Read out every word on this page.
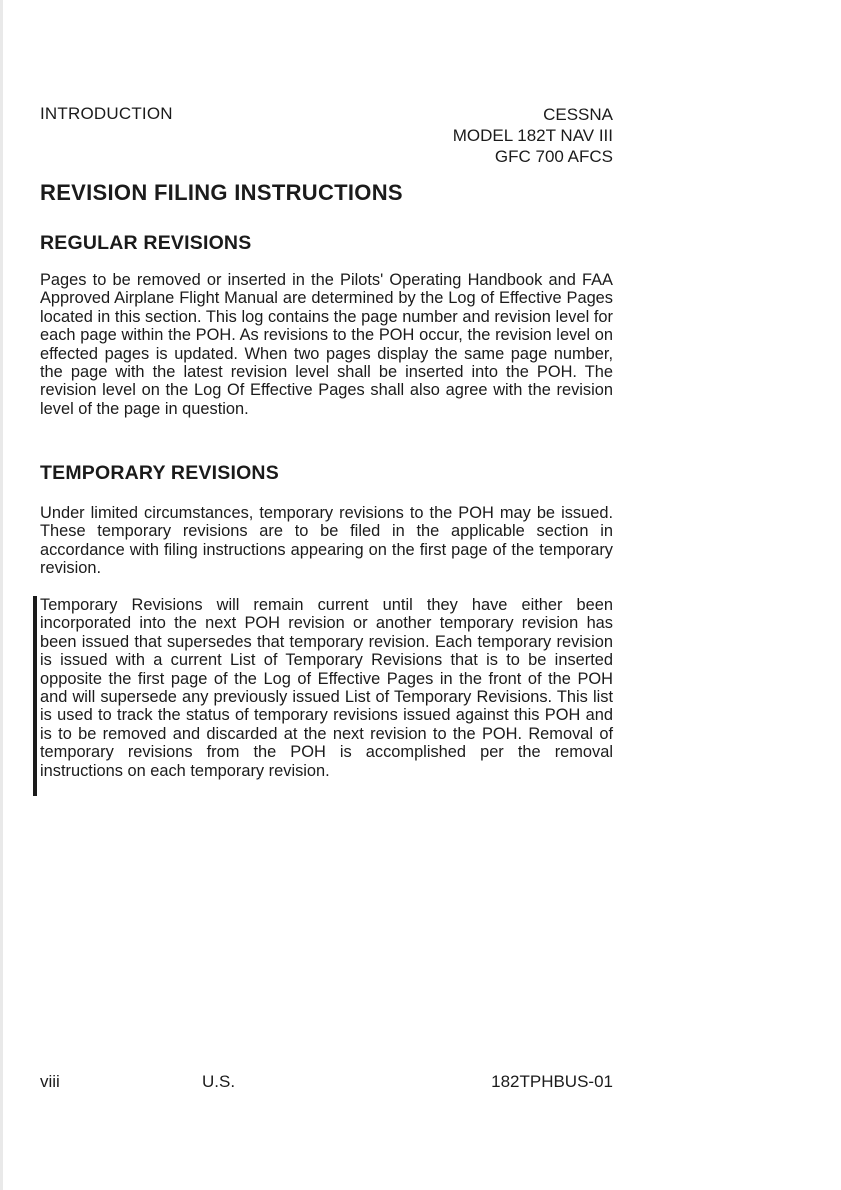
INTRODUCTION	CESSNA
MODEL 182T NAV III
GFC 700 AFCS
REVISION FILING INSTRUCTIONS
REGULAR REVISIONS

Pages to be removed or inserted in the Pilots' Operating Handbook and FAA Approved Airplane Flight Manual are determined by the Log of Effective Pages located in this section. This log contains the page number and revision level for each page within the POH. As revisions to the POH occur, the revision level on effected pages is updated. When two pages display the same page number, the page with the latest revision level shall be inserted into the POH. The revision level on the Log Of Effective Pages shall also agree with the revision level of the page in question.

TEMPORARY REVISIONS

Under limited circumstances, temporary revisions to the POH may be issued. These temporary revisions are to be filed in the applicable section in accordance with filing instructions appearing on the first page of the temporary revision.

Temporary Revisions will remain current until they have either been incorporated into the next POH revision or another temporary revision has been issued that supersedes that temporary revision. Each temporary revision is issued with a current List of Temporary Revisions that is to be inserted opposite the first page of the Log of Effective Pages in the front of the POH and will supersede any previously issued List of Temporary Revisions. This list is used to track the status of temporary revisions issued against this POH and is to be removed and discarded at the next revision to the POH. Removal of temporary revisions from the POH is accomplished per the removal instructions on each temporary revision.

viii	U.S.	182TPHBUS-01
